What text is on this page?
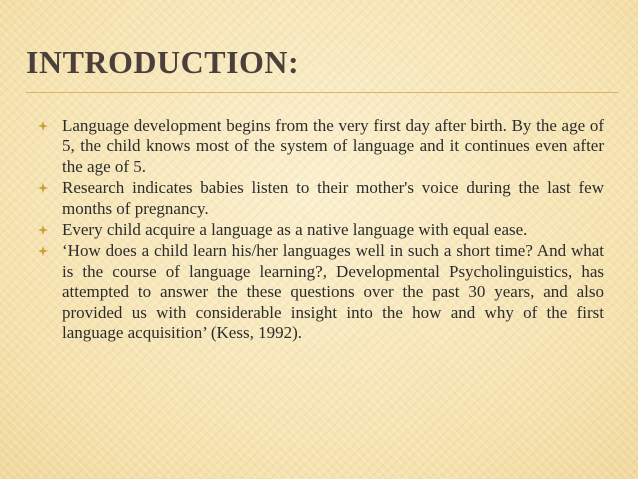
INTRODUCTION:
Language development begins from the very first day after birth. By the age of 5, the child knows most of the system of language and it continues even after the age of 5.
Research indicates babies listen to their mother's voice during the last few months of pregnancy.
Every child acquire a language as a native language with equal ease.
‘How does a child learn his/her languages well in such a short time? And what is the course of language learning?, Developmental Psycholinguistics, has attempted to answer the these questions over the past 30 years, and also provided us with considerable insight into the how and why of the first language acquisition’ (Kess, 1992).
